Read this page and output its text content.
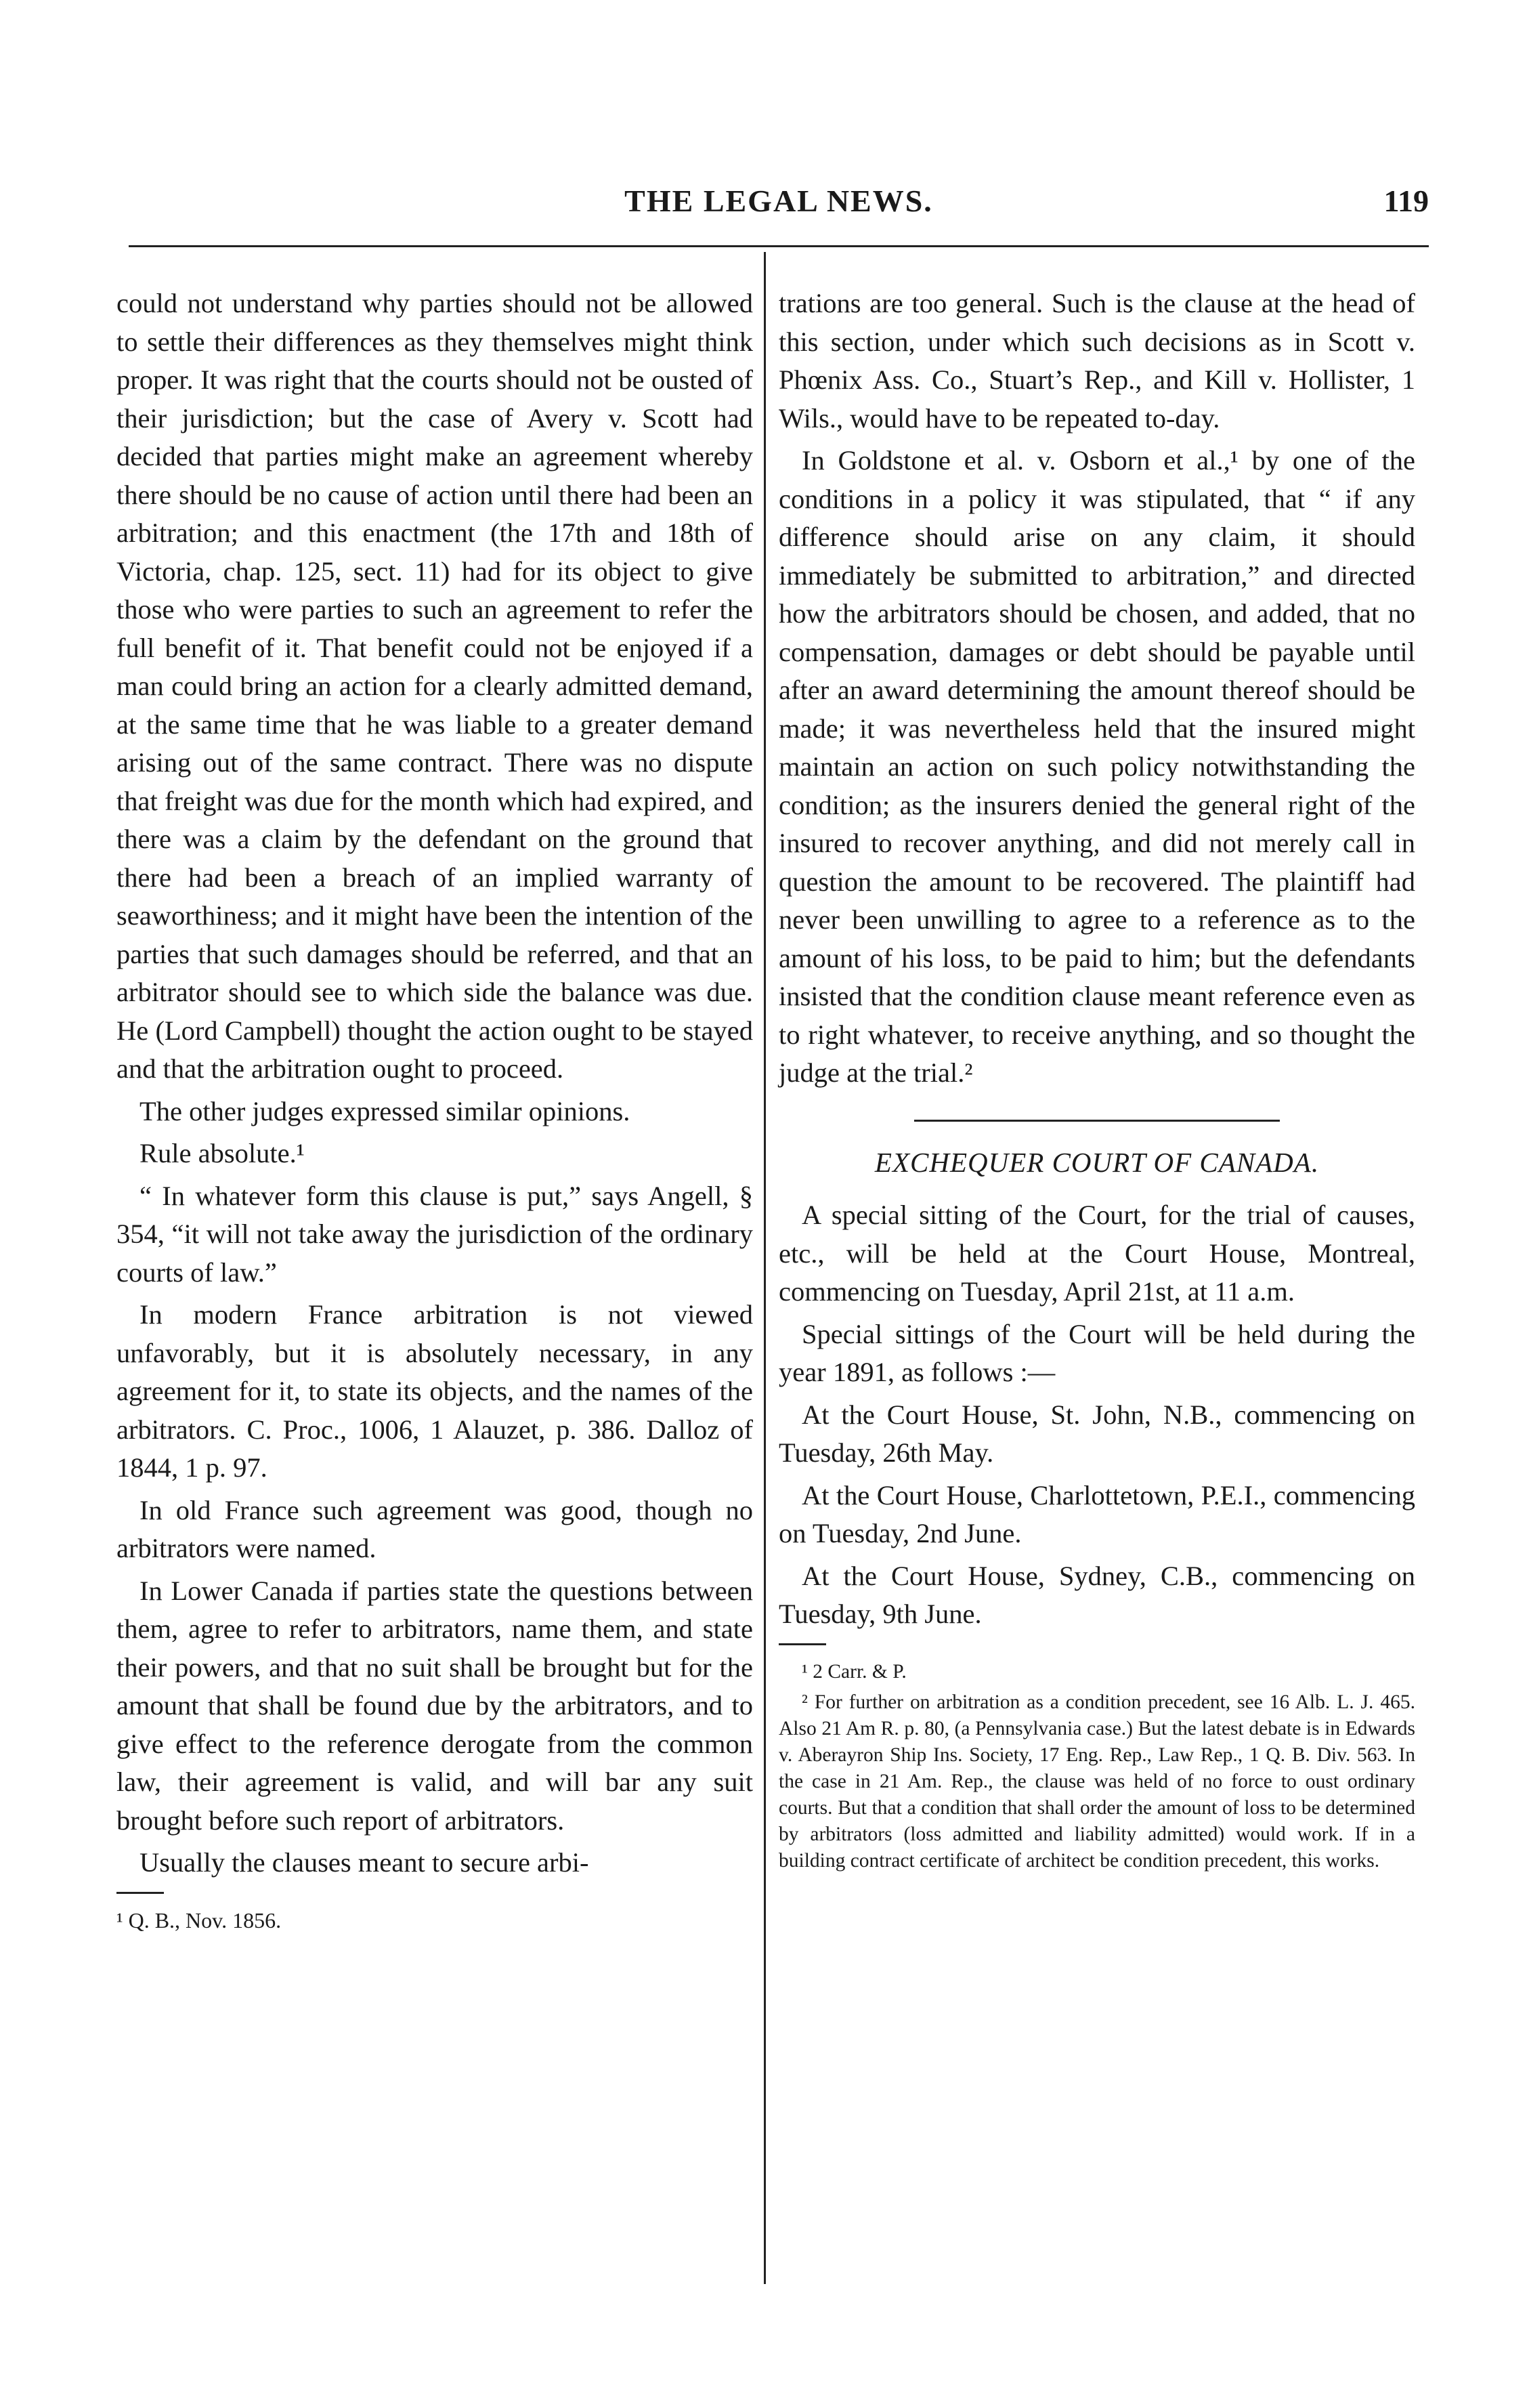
THE LEGAL NEWS.	119

could not understand why parties should not be allowed to settle their differences as they themselves might think proper. It was right that the courts should not be ousted of their jurisdiction; but the case of Avery v. Scott had decided that parties might make an agreement whereby there should be no cause of action until there had been an arbitration; and this enactment (the 17th and 18th of Victoria, chap. 125, sect. 11) had for its object to give those who were parties to such an agreement to refer the full benefit of it. That benefit could not be enjoyed if a man could bring an action for a clearly admitted demand, at the same time that he was liable to a greater demand arising out of the same contract. There was no dispute that freight was due for the month which had expired, and there was a claim by the defendant on the ground that there had been a breach of an implied warranty of seaworthiness; and it might have been the intention of the parties that such damages should be referred, and that an arbitrator should see to which side the balance was due. He (Lord Campbell) thought the action ought to be stayed and that the arbitration ought to proceed.

The other judges expressed similar opinions.

Rule absolute.¹

“ In whatever form this clause is put,” says Angell, § 354, “it will not take away the jurisdiction of the ordinary courts of law.”

In modern France arbitration is not viewed unfavorably, but it is absolutely necessary, in any agreement for it, to state its objects, and the names of the arbitrators. C. Proc., 1006, 1 Alauzet, p. 386. Dalloz of 1844, 1 p. 97.

In old France such agreement was good, though no arbitrators were named.

In Lower Canada if parties state the questions between them, agree to refer to arbitrators, name them, and state their powers, and that no suit shall be brought but for the amount that shall be found due by the arbitrators, and to give effect to the reference derogate from the common law, their agreement is valid, and will bar any suit brought before such report of arbitrators.

Usually the clauses meant to secure arbi-

¹ Q. B., Nov. 1856.

trations are too general. Such is the clause at the head of this section, under which such decisions as in Scott v. Phœnix Ass. Co., Stuart’s Rep., and Kill v. Hollister, 1 Wils., would have to be repeated to-day.

In Goldstone et al. v. Osborn et al.,¹ by one of the conditions in a policy it was stipulated, that “ if any difference should arise on any claim, it should immediately be submitted to arbitration,” and directed how the arbitrators should be chosen, and added, that no compensation, damages or debt should be payable until after an award determining the amount thereof should be made; it was nevertheless held that the insured might maintain an action on such policy notwithstanding the condition; as the insurers denied the general right of the insured to recover anything, and did not merely call in question the amount to be recovered. The plaintiff had never been unwilling to agree to a reference as to the amount of his loss, to be paid to him; but the defendants insisted that the condition clause meant reference even as to right whatever, to receive anything, and so thought the judge at the trial.²

EXCHEQUER COURT OF CANADA.

A special sitting of the Court, for the trial of causes, etc., will be held at the Court House, Montreal, commencing on Tuesday, April 21st, at 11 a.m.

Special sittings of the Court will be held during the year 1891, as follows :—

At the Court House, St. John, N.B., commencing on Tuesday, 26th May.

At the Court House, Charlottetown, P.E.I., commencing on Tuesday, 2nd June.

At the Court House, Sydney, C.B., commencing on Tuesday, 9th June.

¹ 2 Carr. & P.

² For further on arbitration as a condition precedent, see 16 Alb. L. J. 465. Also 21 Am R. p. 80, (a Pennsylvania case.) But the latest debate is in Edwards v. Aberayron Ship Ins. Society, 17 Eng. Rep., Law Rep., 1 Q. B. Div. 563. In the case in 21 Am. Rep., the clause was held of no force to oust ordinary courts. But that a condition that shall order the amount of loss to be determined by arbitrators (loss admitted and liability admitted) would work. If in a building contract certificate of architect be condition precedent, this works.
